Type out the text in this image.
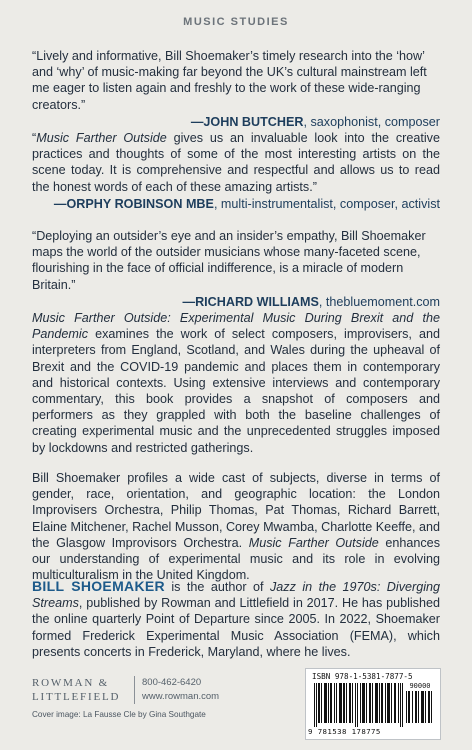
MUSIC STUDIES

“Lively and informative, Bill Shoemaker’s timely research into the ‘how’ and ‘why’ of music-making far beyond the UK’s cultural mainstream left me eager to listen again and freshly to the work of these wide-ranging creators.”

—JOHN BUTCHER, saxophonist, composer

“Music Farther Outside gives us an invaluable look into the creative practices and thoughts of some of the most interesting artists on the scene today. It is comprehensive and respectful and allows us to read the honest words of each of these amazing artists.”

—ORPHY ROBINSON MBE, multi-instrumentalist, composer, activist

“Deploying an outsider’s eye and an insider’s empathy, Bill Shoemaker maps the world of the outsider musicians whose many-faceted scene, flourishing in the face of official indifference, is a miracle of modern Britain.”

—RICHARD WILLIAMS, thebluemoment.com

Music Farther Outside: Experimental Music During Brexit and the Pandemic examines the work of select composers, improvisers, and interpreters from England, Scotland, and Wales during the upheaval of Brexit and the COVID-19 pandemic and places them in contemporary and historical contexts. Using extensive interviews and contemporary commentary, this book provides a snapshot of composers and performers as they grappled with both the baseline challenges of creating experimental music and the unprecedented struggles imposed by lockdowns and restricted gatherings.

Bill Shoemaker profiles a wide cast of subjects, diverse in terms of gender, race, orientation, and geographic location: the London Improvisers Orchestra, Philip Thomas, Pat Thomas, Richard Barrett, Elaine Mitchener, Rachel Musson, Corey Mwamba, Charlotte Keeffe, and the Glasgow Improvisors Orchestra. Music Farther Outside enhances our understanding of experimental music and its role in evolving multiculturalism in the United Kingdom.

BILL SHOEMAKER is the author of Jazz in the 1970s: Diverging Streams, published by Rowman and Littlefield in 2017. He has published the online quarterly Point of Departure since 2005. In 2022, Shoemaker formed Frederick Experimental Music Association (FEMA), which presents concerts in Frederick, Maryland, where he lives.
ROWMAN &
LITTLEFIELD
800-462-6420
www.rowman.com
Cover image: La Fausse Cle by Gina Southgate
ISBN 978-1-5381-7877-5
90000
9 781538 178775
